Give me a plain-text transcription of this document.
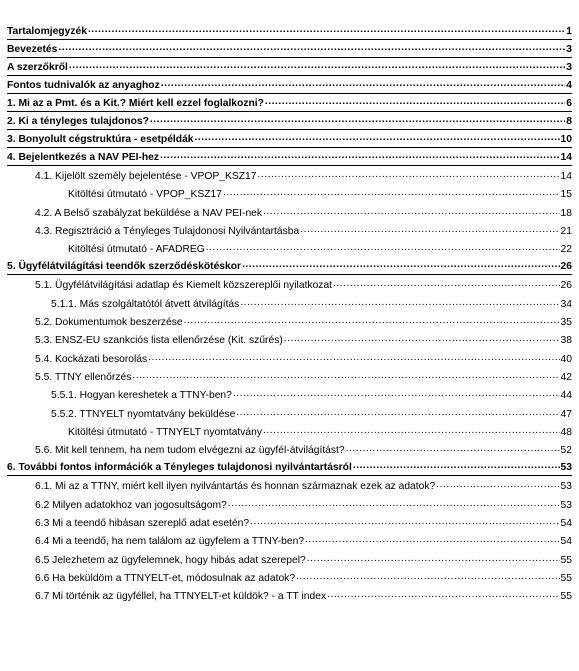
Tartalomjegyzék .....	1
Bevezetés .....	3
A szerzőkről .....	3
Fontos tudnivalók az anyaghoz .....	4
1. Mi az a Pmt. és a Kit.? Miért kell ezzel foglalkozni? .....	6
2. Ki a tényleges tulajdonos? .....	8
3. Bonyolult cégstruktúra - esetpéldák .....	10
4. Bejelentkezés a NAV PEI-hez .....	14
4.1. Kijelölt személy bejelentése - VPOP_KSZ17 .....	14
Kitöltési útmutató - VPOP_KSZ17 .....	15
4.2. A Belső szabályzat beküldése a NAV PEI-nek .....	18
4.3. Regisztráció a Tényleges Tulajdonosi Nyilvántartásba .....	21
Kitöltési útmutató - AFADREG .....	22
5. Ügyfélátvilágítási teendők szerződéskötéskor .....	26
5.1. Ügyfélátvilágítási adatlap és Kiemelt közszereplői nyilatkozat .....	26
5.1.1. Más szolgáltatótól átvett átvilágítás .....	34
5.2. Dokumentumok beszerzése .....	35
5.3. ENSZ-EU szankciós lista ellenőrzése (Kit. szűrés) .....	38
5.4. Kockázati besorolás .....	40
5.5. TTNY ellenőrzés .....	42
5.5.1. Hogyan kereshetek a TTNY-ben? .....	44
5.5.2. TTNYELT nyomtatvány beküldése .....	47
Kitöltési útmutató - TTNYELT nyomtatvány .....	48
5.6. Mit kell tennem, ha nem tudom elvégezni az ügyfél-átvilágítást? .....	52
6. További fontos információk a Tényleges tulajdonosi nyilvántartásról .....	53
6.1. Mi az a TTNY, miért kell ilyen nyilvántartás és honnan származnak ezek az adatok? .....	53
6.2 Milyen adatokhoz van jogosultságom? .....	53
6.3 Mi a teendő hibásan szereplő adat esetén? .....	54
6.4 Mi a teendő, ha nem találom az ügyfelem a TTNY-ben? .....	54
6.5 Jelezhetem az ügyfelemnek, hogy hibás adat szerepel? .....	55
6.6 Ha beküldöm a TTNYELT-et, módosulnak az adatok? .....	55
6.7 Mi történik az ügyféllel, ha TTNYELT-et küldök? - a TT index .....	55
